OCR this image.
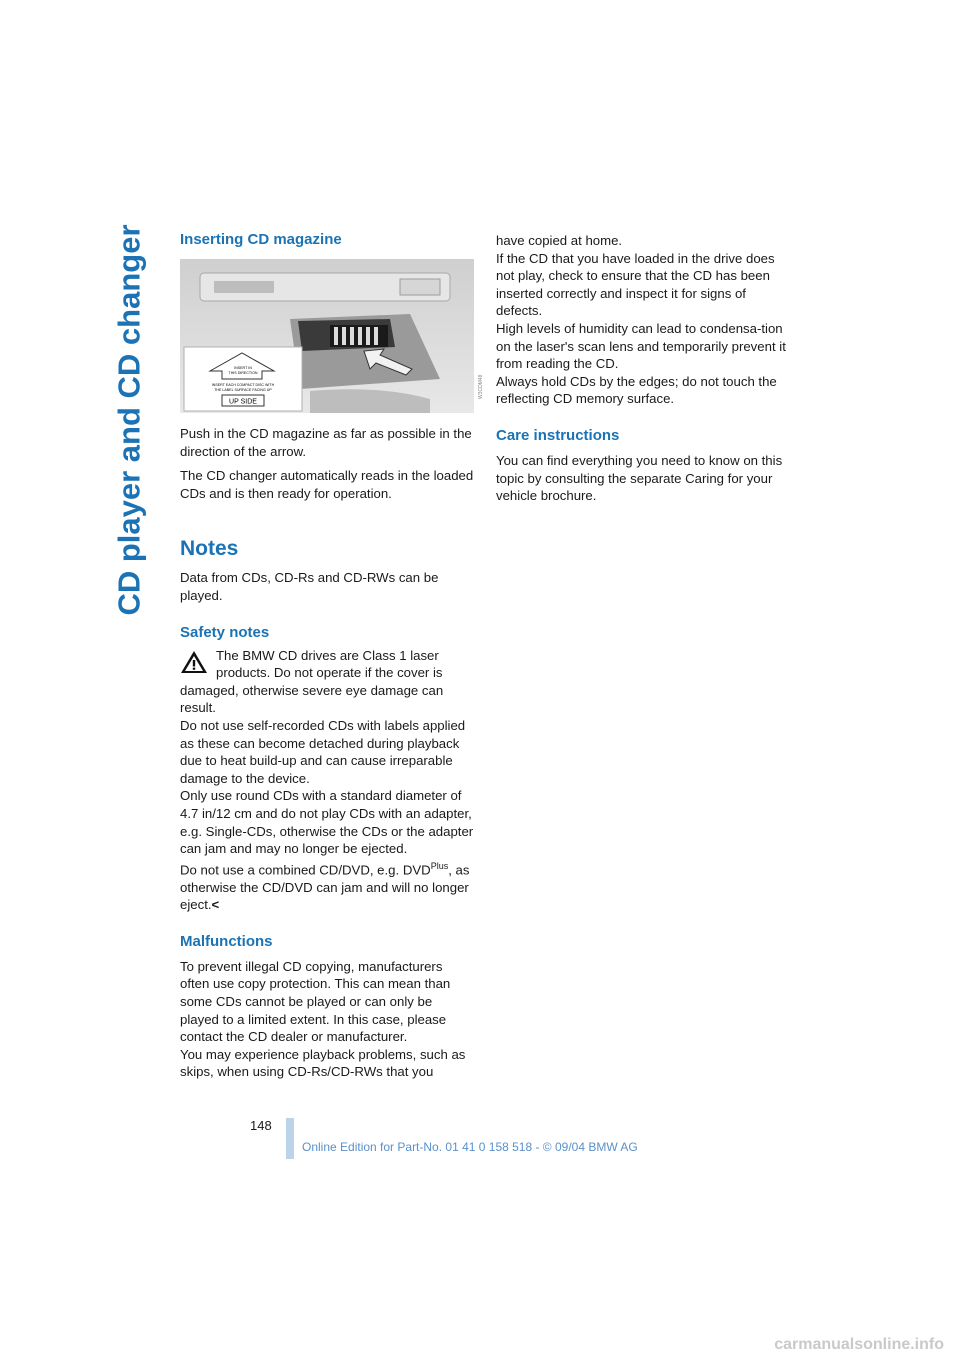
CD player and CD changer Inserting CD magazine
INSERT IN
THIS DIRECTION
INSERT EACH COMPACT DISC WITH
THE LABEL SURFACE FACING UP
UP SIDE
W3CDM48

Push in the CD magazine as far as possible in the direction of the arrow.

The CD changer automatically reads in the loaded CDs and is then ready for operation.

Notes

Data from CDs, CD-Rs and CD-RWs can be played.

Safety notes

The BMW CD drives are Class 1 laser

products. Do not operate if the cover is damaged, otherwise severe eye damage can result.

Do not use self-recorded CDs with labels applied as these can become detached during playback due to heat build-up and can cause irreparable damage to the device.

Only use round CDs with a standard diameter of 4.7 in/12 cm and do not play CDs with an adapter, e.g. Single-CDs, otherwise the CDs or the adapter can jam and may no longer be ejected.

Do not use a combined CD/DVD, e.g. $DVD^{Plus}$, as otherwise the CD/DVD can jam and will no longer eject.<

Malfunctions

To prevent illegal CD copying, manufacturers often use copy protection. This can mean than some CDs cannot be played or can only be played to a limited extent. In this case, please contact the CD dealer or manufacturer.

You may experience playback problems, such as skips, when using CD-Rs/CD-RWs that you

have copied at home.

If the CD that you have loaded in the drive does not play, check to ensure that the CD has been inserted correctly and inspect it for signs of defects.

High levels of humidity can lead to condensa-tion on the laser's scan lens and temporarily prevent it from reading the CD.

Always hold CDs by the edges; do not touch the reflecting CD memory surface.

Care instructions

You can find everything you need to know on this topic by consulting the separate Caring for your vehicle brochure.

148
Online Edition for Part-No. 01 41 0 158 518 - © 09/04 BMW AG
carmanualsonline.info
